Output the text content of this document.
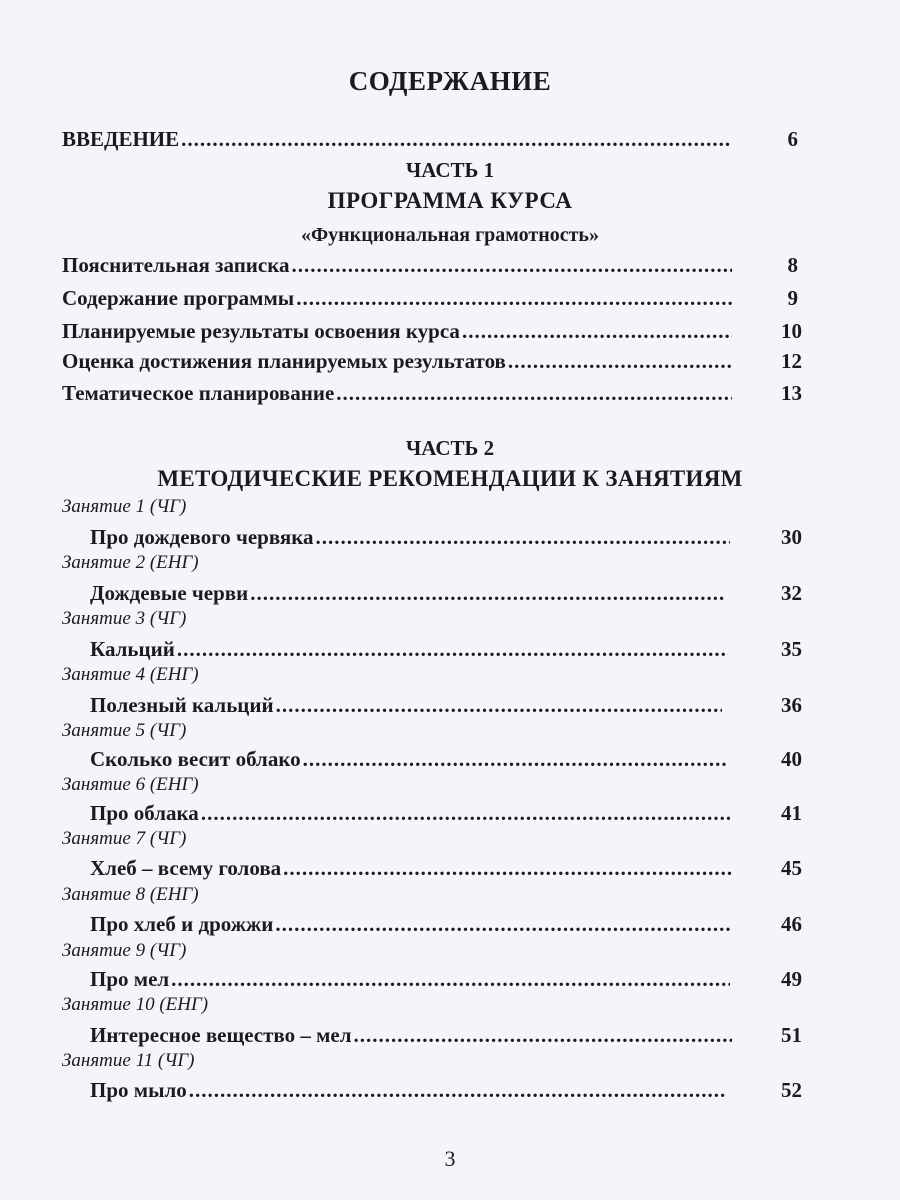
СОДЕРЖАНИЕ
ВВЕДЕНИЕ .....	6
ЧАСТЬ 1
ПРОГРАММА КУРСА
«Функциональная грамотность»
Пояснительная записка .....	8
Содержание программы .....	9
Планируемые результаты освоения курса .....	10
Оценка достижения планируемых результатов .....	12
Тематическое планирование .....	13
ЧАСТЬ 2
МЕТОДИЧЕСКИЕ РЕКОМЕНДАЦИИ К ЗАНЯТИЯМ
Занятие 1 (ЧГ)
Про дождевого червяка .....	30
Занятие 2 (ЕНГ)
Дождевые черви .....	32
Занятие 3 (ЧГ)
Кальций .....	35
Занятие 4 (ЕНГ)
Полезный кальций .....	36
Занятие 5 (ЧГ)
Сколько весит облако .....	40
Занятие 6 (ЕНГ)
Про облака .....	41
Занятие 7 (ЧГ)
Хлеб – всему голова .....	45
Занятие 8 (ЕНГ)
Про хлеб и дрожжи .....	46
Занятие 9 (ЧГ)
Про мел .....	49
Занятие 10 (ЕНГ)
Интересное вещество – мел .....	51
Занятие 11 (ЧГ)
Про мыло .....	52
3
